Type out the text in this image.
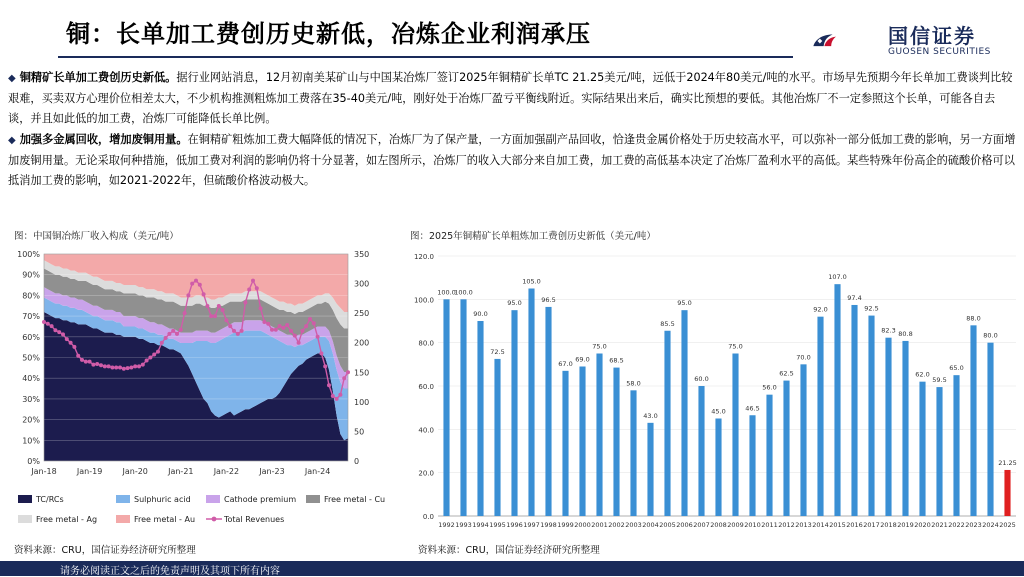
铜：长单加工费创历史新低，冶炼企业利润承压	国信证券
GUOSEN SECURITIES
◆ 铜精矿长单加工费创历史新低。据行业网站消息，12月初南美某矿山与中国某冶炼厂签订2025年铜精矿长单TC 21.25美元/吨，远低于2024年80美元/吨的水平。市场早先预期今年长单加工费谈判比较艰难，买卖双方心理价位相差太大，不少机构推测粗炼加工费落在35-40美元/吨，刚好处于冶炼厂盈亏平衡线附近。实际结果出来后，确实比预想的要低。其他冶炼厂不一定参照这个长单，可能各自去谈，并且如此低的加工费，冶炼厂可能降低长单比例。
◆ 加强多金属回收，增加废铜用量。在铜精矿粗炼加工费大幅降低的情况下，冶炼厂为了保产量，一方面加强副产品回收，恰逢贵金属价格处于历史较高水平，可以弥补一部分低加工费的影响，另一方面增加废铜用量。无论采取何种措施，低加工费对利润的影响仍将十分显著，如左图所示，冶炼厂的收入大部分来自加工费，加工费的高低基本决定了冶炼厂盈利水平的高低。某些特殊年份高企的硫酸价格可以抵消加工费的影响，如2021-2022年，但硫酸价格波动极大。
图：中国铜冶炼厂收入构成（美元/吨）
0%
10%
20%
30%
40%
50%
60%
70%
80%
90%
100%
0
50
100
150
200
250
300
350
Jan-18	Jan-19	Jan-20	Jan-21	Jan-22	Jan-23	Jan-24
TC/RCs	Sulphuric acid	Cathode premium	Free metal - Cu
Free metal - Ag	Free metal - Au	Total Revenues
资料来源：CRU，国信证券经济研究所整理
图：2025年铜精矿长单粗炼加工费创历史新低（美元/吨）
0.0
20.0
40.0
60.0
80.0
100.0
120.0
100.0
1992
100.0
1993
90.0
1994
72.5
1995
95.0
1996
105.0
1997
96.5
1998
67.0
1999
69.0
2000
75.0
2001
68.5
2002
58.0
2003
43.0
2004
85.5
2005
95.0
2006
60.0
2007
45.0
2008
75.0
2009
46.5
2010
56.0
2011
62.5
2012
70.0
2013
92.0
2014
107.0
2015
97.4
2016
92.5
2017
82.3
2018
80.8
2019
62.0
2020
59.5
2021
65.0
2022
88.0
2023
80.0
2024
21.25
2025
资料来源：CRU，国信证券经济研究所整理
请务必阅读正文之后的免责声明及其项下所有内容
